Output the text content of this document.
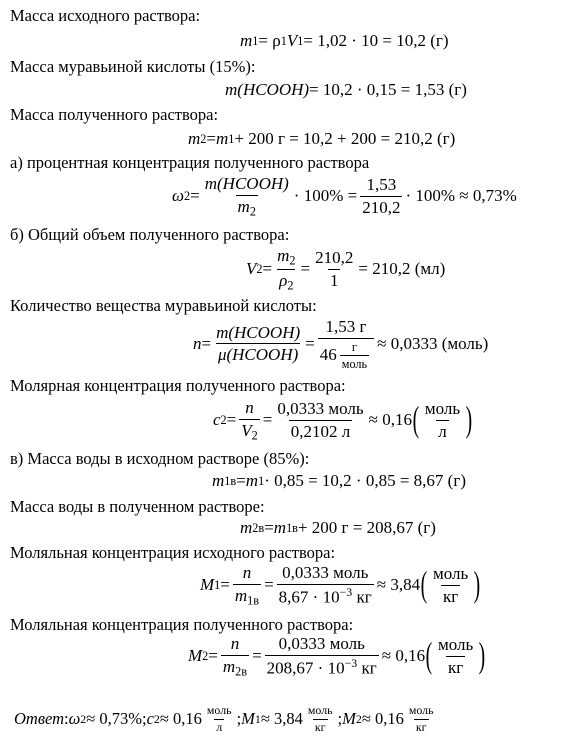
Масса исходного раствора:
m 1 = ρ 1 V 1 = 1,02 · 10 = 10,2 (г)
Масса муравьиной кислоты (15%):
m(HCOOH) = 10,2 · 0,15 = 1,53 (г)
Масса полученного раствора:
m 2 = m 1 + 200 г = 10,2 + 200 = 210,2 (г)
а) процентная концентрация полученного раствора
ω $2 = \frac{\text{m(HCOOH)}}{m_2} \cdot 100\% = \frac{1,53}{210,2} \cdot 100\% \approx 0,73\%$
б) Общий объем полученного раствора:
V $2 = \frac{m_2}{\rho_2} = \frac{210,2}{1} = 210,2$ (мл)
Количество вещества муравьиной кислоты:
$n = \frac{\text{m(HCOOH)}}{\text{μ(HCOOH)}} = \frac{1,53 г}{46 \frac{г}{\text{моль}}} \approx 0,0333$ (моль)
Молярная концентрация полученного раствора:
c $2 = \frac{n}{V_2} = \frac{\text{0,0333 моль}}{0,2102 л} \approx 0,16$ ( $\frac{\text{моль}}{л}$ )
в) Масса воды в исходном растворе (85%):
m 1в = m 1 · 0,85 = 10,2 · 0,85 = 8,67 (г)
Масса воды в полученном растворе:
m 2в = m 1в + 200 г = 208,67 (г)
Моляльная концентрация исходного раствора:
M $1 = \frac{n}{m_{1в}} = \frac{\text{0,0333 моль}}{8,67 \cdot 10^{-3} кг} \approx 3,84$ ( $\frac{\text{моль}}{кг}$ )
Моляльная концентрация полученного раствора:
M $2 = \frac{n}{m_{2в}} = \frac{\text{0,0333 моль}}{208,67 \cdot 10^{-3} кг} \approx 0,16$ ( $\frac{\text{моль}}{кг}$ )
Ответ : ω 2 ≈ 0,73%; c $2 \approx 0,16 \frac{\text{моль}}{л}$ ; M $1 \approx 3,84 \frac{\text{моль}}{кг}$ ; M $2 \approx 0,16 \frac{\text{моль}}{кг}$
